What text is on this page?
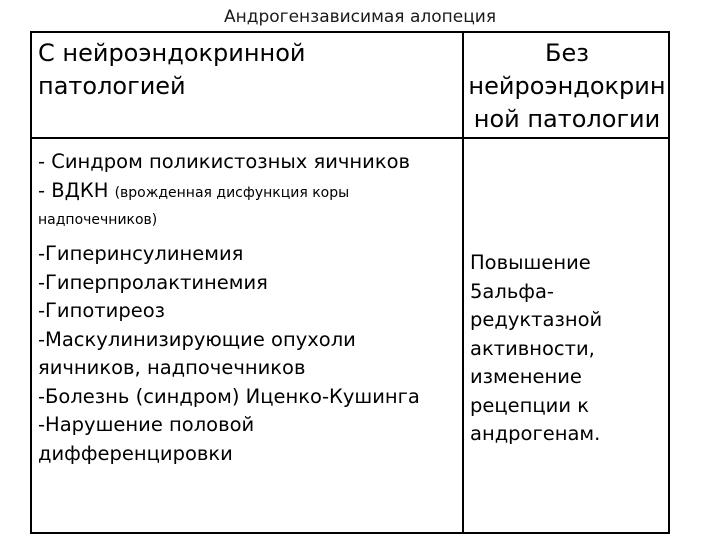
Андрогензависимая алопеция
С нейроэндокринной
патологией
Без
нейроэндокрин
ной патологии
- Синдром поликистозных яичников
- ВДКН (врожденная дисфункция коры
надпочечников)
-Гиперинсулинемия
-Гиперпролактинемия
-Гипотиреоз
-Маскулинизирующие опухоли
яичников, надпочечников
-Болезнь (синдром) Иценко-Кушинга
-Нарушение половой
дифференцировки
Повышение
5альфа-
редуктазной
активности,
изменение
рецепции к
андрогенам.
